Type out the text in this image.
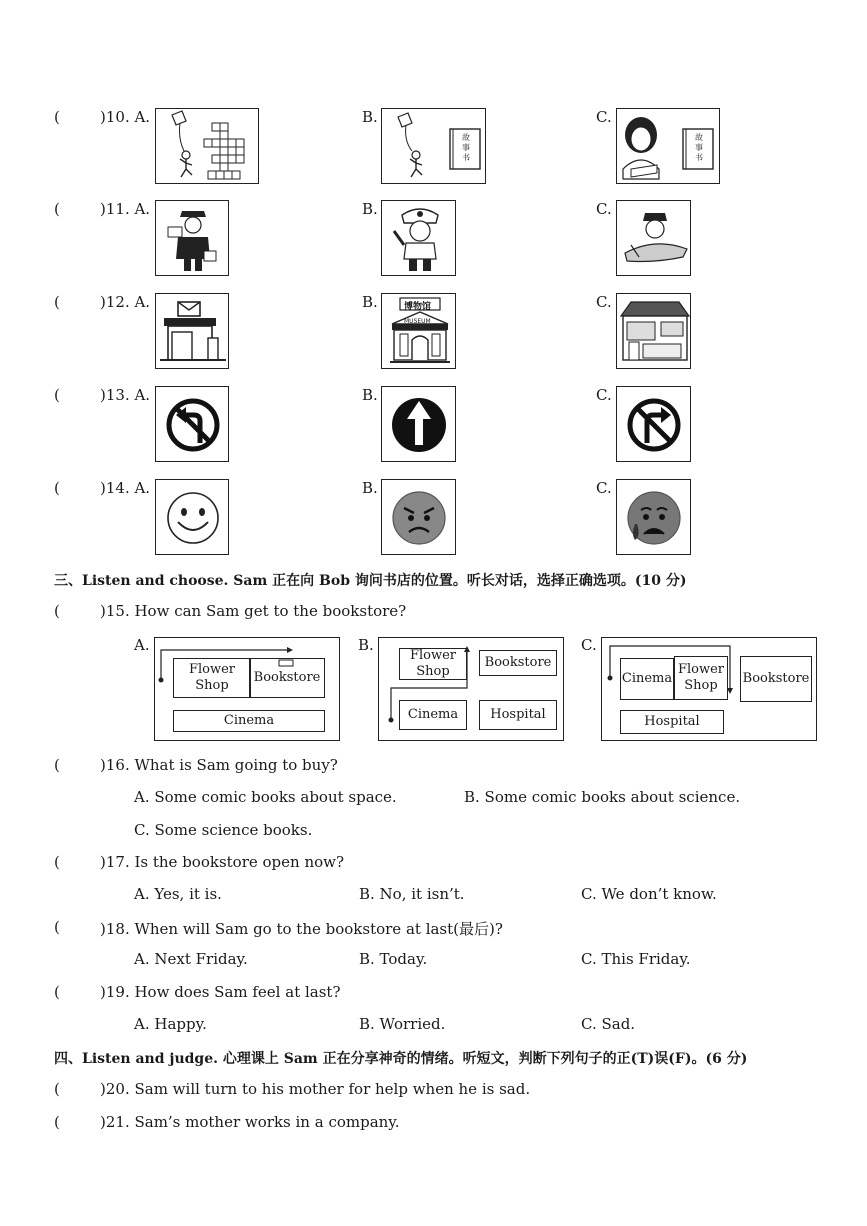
(	)10. A.	B.
故事书
C.
故事书
(	)11. A.	B.	C.
(	)12. A.	B.	博物馆
MUSEUM
C.
(	)13. A.	B.	C.
(	)14. A.	B.	C.
三、Listen and choose. Sam 正在向 Bob 询问书店的位置。听长对话，选择正确选项。(10 分)
(	)15. How can Sam get to the bookstore?
A.
Flower
Shop
Bookstore
Cinema
B.
Flower
Shop
Bookstore
Cinema	Hospital
C.
Cinema
Flower
Shop	Bookstore
Hospital
(	)16. What is Sam going to buy?
A. Some comic books about space.	B. Some comic books about science.
C. Some science books.
(	)17. Is the bookstore open now?
A. Yes, it is.	B. No, it isn’t.	C. We don’t know.
(	)18. When will Sam go to the bookstore at last(最后)?
A. Next Friday.	B. Today.	C. This Friday.
(	)19. How does Sam feel at last?
A. Happy.	B. Worried.	C. Sad.
四、Listen and judge. 心理课上 Sam 正在分享神奇的情绪。听短文，判断下列句子的正(T)误(F)。(6 分)
(	)20. Sam will turn to his mother for help when he is sad.
(	)21. Sam’s mother works in a company.
